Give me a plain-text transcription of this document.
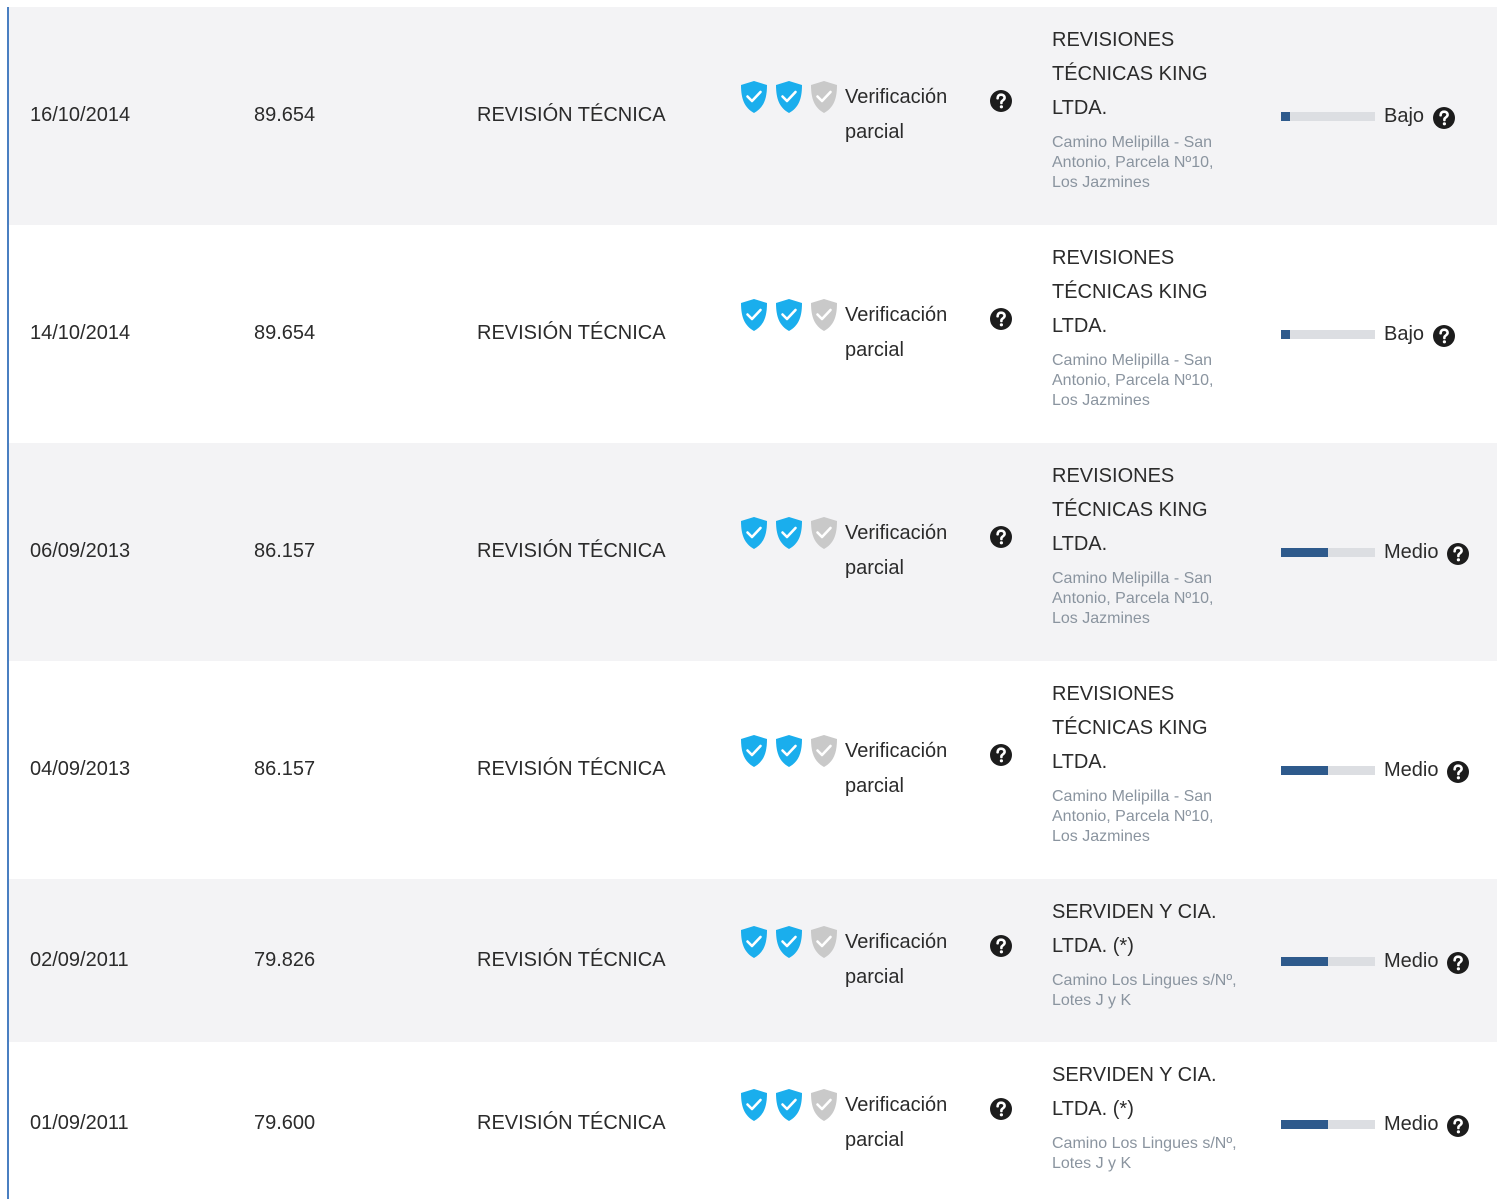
16/10/2014	89.654	REVISIÓN TÉCNICA
Verificación parcial
REVISIONES TÉCNICAS KING LTDA.
Camino Melipilla - San Antonio, Parcela Nº10, Los Jazmines
Bajo
14/10/2014	89.654	REVISIÓN TÉCNICA
Verificación parcial
REVISIONES TÉCNICAS KING LTDA.
Camino Melipilla - San Antonio, Parcela Nº10, Los Jazmines
Bajo
06/09/2013	86.157	REVISIÓN TÉCNICA
Verificación parcial
REVISIONES TÉCNICAS KING LTDA.
Camino Melipilla - San Antonio, Parcela Nº10, Los Jazmines
Medio
04/09/2013	86.157	REVISIÓN TÉCNICA
Verificación parcial
REVISIONES TÉCNICAS KING LTDA.
Camino Melipilla - San Antonio, Parcela Nº10, Los Jazmines
Medio
02/09/2011	79.826	REVISIÓN TÉCNICA
Verificación parcial
SERVIDEN Y CIA. LTDA. (*)
Camino Los Lingues s/Nº, Lotes J y K
Medio
01/09/2011	79.600	REVISIÓN TÉCNICA
Verificación parcial
SERVIDEN Y CIA. LTDA. (*)
Camino Los Lingues s/Nº, Lotes J y K
Medio
